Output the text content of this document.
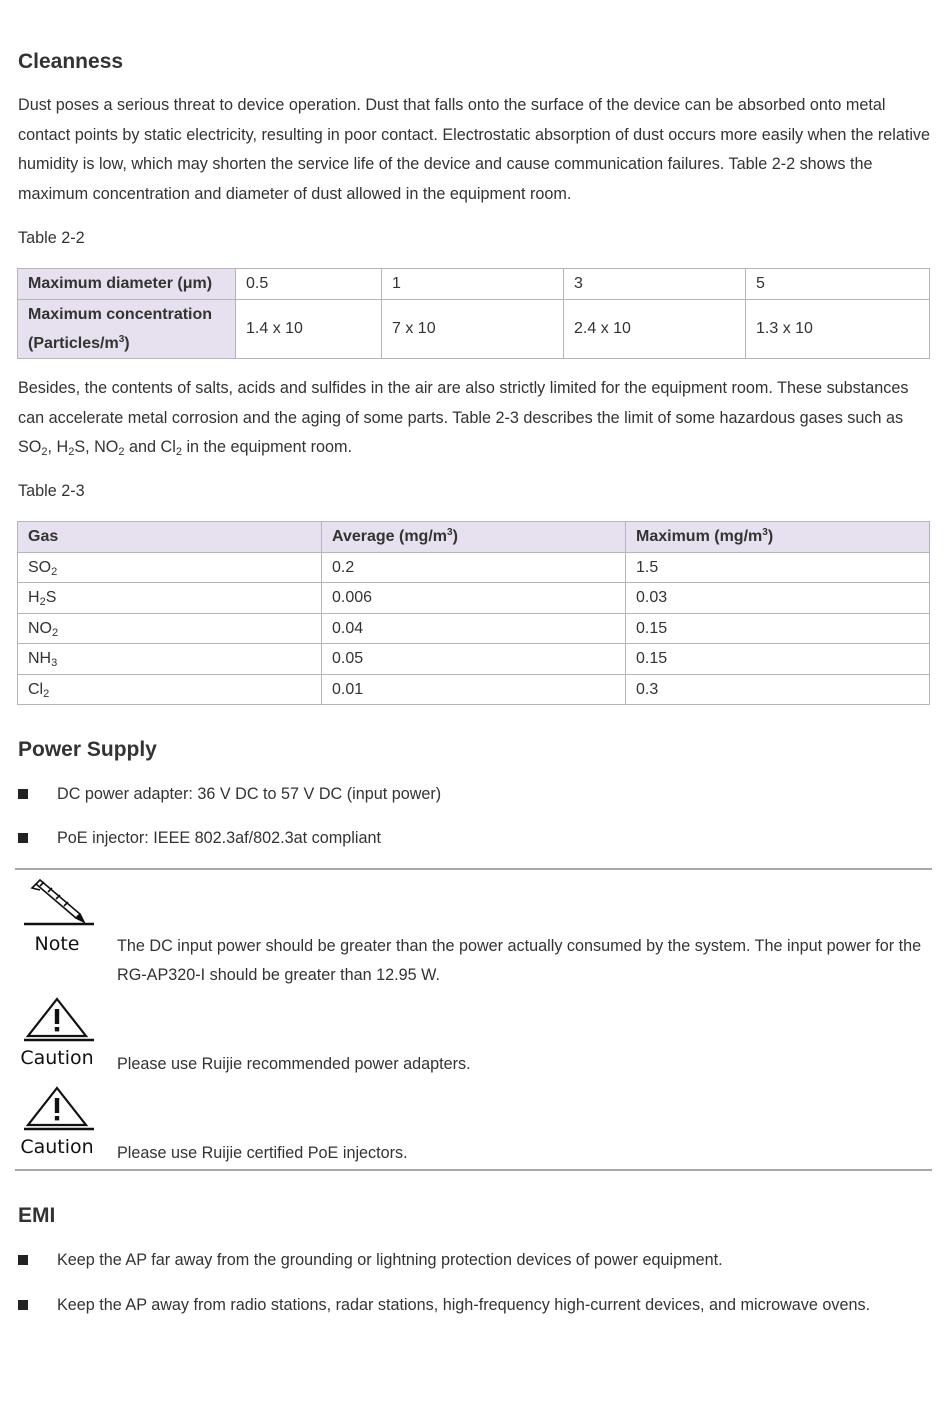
Cleanness

Dust poses a serious threat to device operation. Dust that falls onto the surface of the device can be absorbed onto metal contact points by static electricity, resulting in poor contact. Electrostatic absorption of dust occurs more easily when the relative humidity is low, which may shorten the service life of the device and cause communication failures. Table 2-2 shows the maximum concentration and diameter of dust allowed in the equipment room.

Table 2-2

Maximum diameter (μm)	0.5	1	3	5
Maximum concentration
$(Particles/m^3)$	1.4 x 10	7 x 10	2.4 x 10	1.3 x 10

Besides, the contents of salts, acids and sulfides in the air are also strictly limited for the equipment room. These substances can accelerate metal corrosion and the aging of some parts. Table 2-3 describes the limit of some hazardous gases such as $SO_2$, $H_2S$, $NO_2$ and $Cl_2$ in the equipment room.

Table 2-3

Gas	Average $(mg/m^3)$	Maximum $(mg/m^3)$
$SO_2$	0.2	1.5
$H_2S$	0.006	0.03
$NO_2$	0.04	0.15
$NH_3$	0.05	0.15
$Cl_2$	0.01	0.3
Power Supply
DC power adapter: 36 V DC to 57 V DC (input power)
PoE injector: IEEE 802.3af/802.3at compliant
Note	The DC input power should be greater than the power actually consumed by the system. The input power for the RG-AP320-I should be greater than 12.95 W.

Caution Please use Ruijie recommended power adapters.

Caution Please use Ruijie certified PoE injectors.

EMI
Keep the AP far away from the grounding or lightning protection devices of power equipment.
Keep the AP away from radio stations, radar stations, high-frequency high-current devices, and microwave ovens.
